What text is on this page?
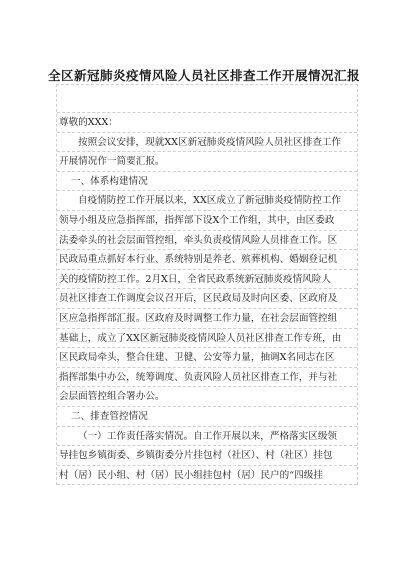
全区新冠肺炎疫情风险人员社区排查工作开展情况汇报
尊敬的XXX：
按照会议安排，现就XX区新冠肺炎疫情风险人员社区排查工作
开展情况作一简要汇报。
一、体系构建情况
自疫情防控工作开展以来，XX区成立了新冠肺炎疫情防控工作
领导小组及应急指挥部，指挥部下设X个工作组，其中，由区委政
法委牵头的社会层面管控组，牵头负责疫情风险人员排查工作。区
民政局重点抓好本行业、系统特别是养老、殡葬机构、婚姻登记机
关的疫情防控工作。2月X日，全省民政系统新冠肺炎疫情风险人
员社区排查工作调度会议召开后，区民政局及时向区委、区政府及
区应急指挥部汇报。区政府及时调整工作力量，在社会层面管控组
基础上，成立了XX区新冠肺炎疫情风险人员社区排查工作专班，由
区民政局牵头，整合住建、卫健、公安等力量，抽调X名同志在区
指挥部集中办公，统筹调度、负责风险人员社区排查工作，并与社
会层面管控组合署办公。
二、排查管控情况
（一）工作责任落实情况。自工作开展以来，严格落实区级领
导挂包乡镇街委、乡镇街委分片挂包村（社区）、村（社区）挂包
村（居）民小组、村（居）民小组挂包村（居）民户的“四级挂
